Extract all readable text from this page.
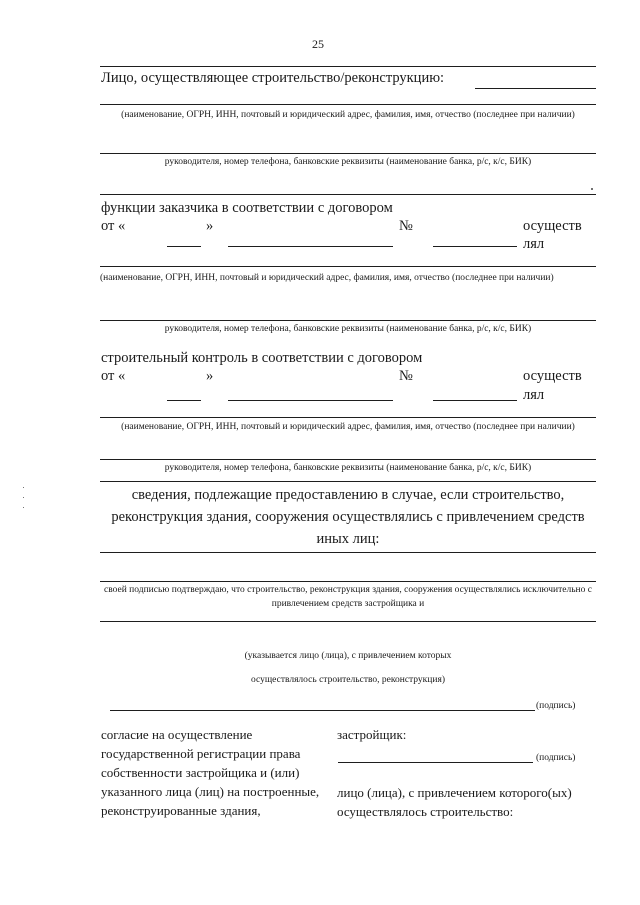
25
Лицо, осуществляющее строительство/реконструкцию:
(наименование, ОГРН, ИНН, почтовый и юридический адрес, фамилия, имя, отчество (последнее при наличии)
руководителя, номер телефона, банковские реквизиты (наименование банка, р/с, к/с, БИК)
функции заказчика в соответствии с договором
от «	»	№	осуществ
лял
(наименование, ОГРН, ИНН, почтовый и юридический адрес, фамилия, имя, отчество (последнее при наличии)
руководителя, номер телефона, банковские реквизиты (наименование банка, р/с, к/с, БИК)
строительный контроль в соответствии с договором
от «	»	№	осуществ
лял
(наименование, ОГРН, ИНН, почтовый и юридический адрес, фамилия, имя, отчество (последнее при наличии)
руководителя, номер телефона, банковские реквизиты (наименование банка, р/с, к/с, БИК)
сведения, подлежащие предоставлению в случае, если строительство, реконструкция здания, сооружения осуществлялись с привлечением средств иных лиц:
своей подписью подтверждаю, что строительство, реконструкция здания, сооружения осуществлялись исключительно с привлечением средств застройщика и
(указывается лицо (лица), с привлечением которых
осуществлялось строительство, реконструкция)
(подпись)
согласие на осуществление государственной регистрации права собственности застройщика и (или) указанного лица (лиц) на построенные, реконструированные здания,
застройщик:
(подпись)
лицо (лица), с привлечением которого(ых) осуществлялось строительство:
